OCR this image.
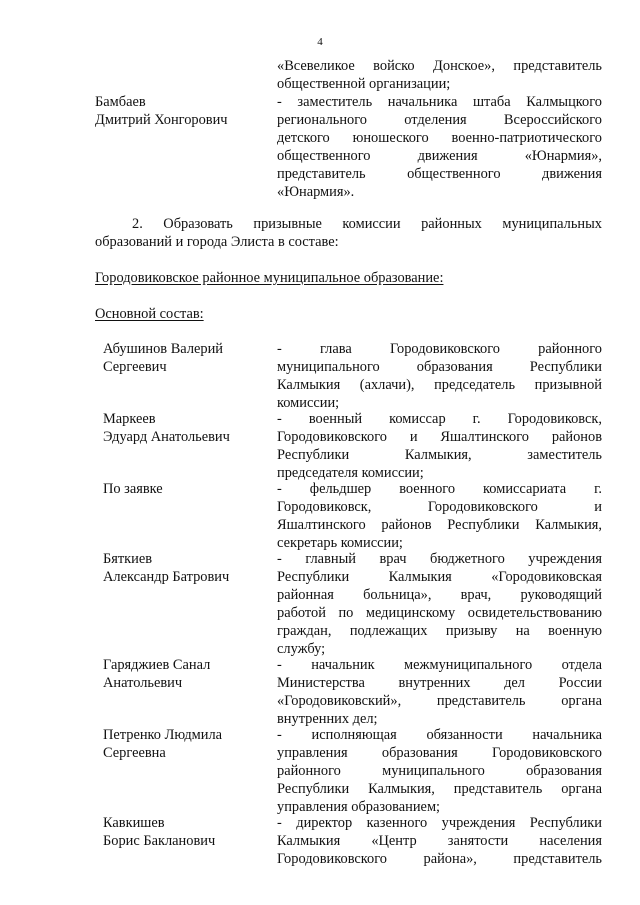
4
«Всевеликое войско Донское», представитель
общественной организации;
Бамбаев
Дмитрий Хонгорович
- заместитель начальника штаба Калмыцкого
регионального отделения Всероссийского
детского юношеского военно-патриотического
общественного движения «Юнармия»,
представитель общественного движения
«Юнармия».
2. Образовать призывные комиссии районных муниципальных
образований и города Элиста в составе:
Городовиковское районное муниципальное образование:
Основной состав:
Абушинов Валерий
Сергеевич
- глава Городовиковского районного
муниципального образования Республики
Калмыкия (ахлачи), председатель призывной
комиссии;
Маркеев
Эдуард Анатольевич
- военный комиссар г. Городовиковск,
Городовиковского и Яшалтинского районов
Республики Калмыкия, заместитель
председателя комиссии;
По заявке	- фельдшер военного комиссариата г.
Городовиковск, Городовиковского и
Яшалтинского районов Республики Калмыкия,
секретарь комиссии;
Бяткиев
Александр Батрович
- главный врач бюджетного учреждения
Республики Калмыкия «Городовиковская
районная больница», врач, руководящий
работой по медицинскому освидетельствованию
граждан, подлежащих призыву на военную
службу;
Гаряджиев Санал
Анатольевич
- начальник межмуниципального отдела
Министерства внутренних дел России
«Городовиковский», представитель органа
внутренних дел;
Петренко Людмила
Сергеевна
- исполняющая обязанности начальника
управления образования Городовиковского
районного муниципального образования
Республики Калмыкия, представитель органа
управления образованием;
Кавкишев
Борис Бакланович
- директор казенного учреждения Республики
Калмыкия «Центр занятости населения
Городовиковского района», представитель
